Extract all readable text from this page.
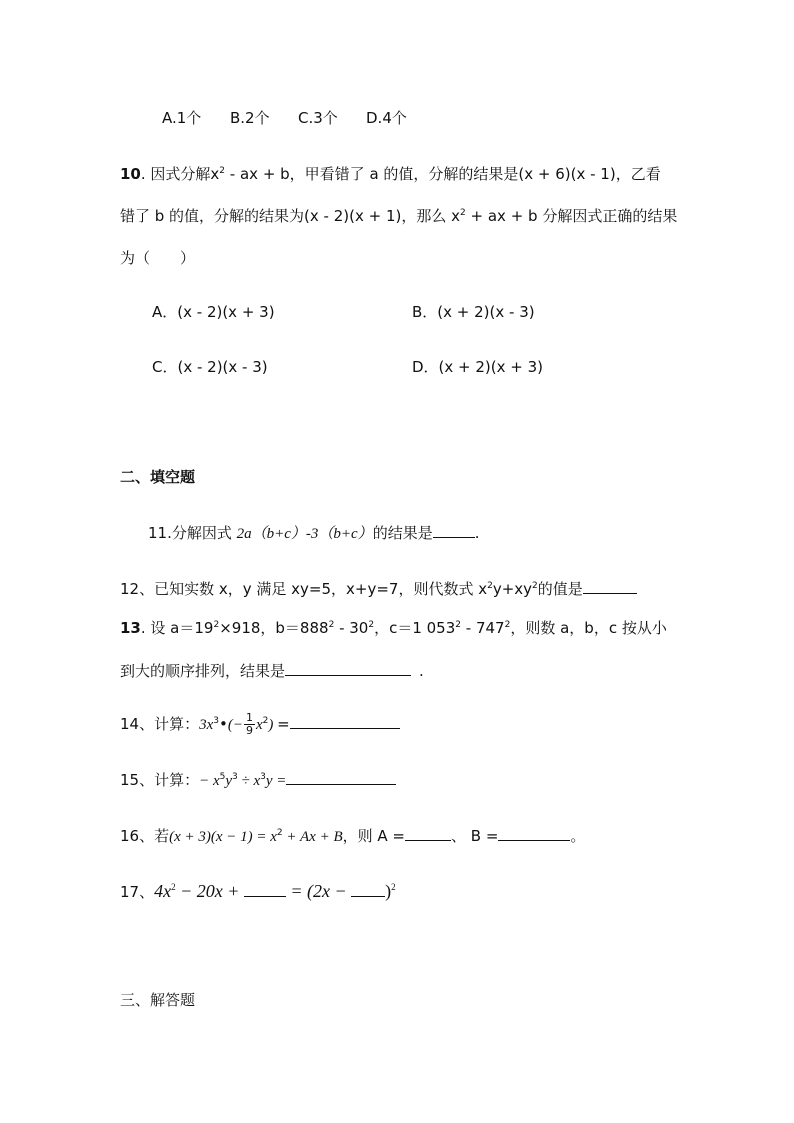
A.1个 B.2个 C.3个 D.4个
10. 因式分解$x^2$ - ax + b，甲看错了 a 的值，分解的结果是(x + 6)(x - 1)，乙看
错了 b 的值，分解的结果为(x - 2)(x + 1)，那么 $x^2$ + ax + b 分解因式正确的结果
为（　　）
A．(x - 2)(x + 3)	B．(x + 2)(x - 3)
C．(x - 2)(x - 3)	D．(x + 2)(x + 3)
二、填空题
11.分解因式 2a（b+c）-3（b+c）的结果是	.
12、已知实数 x，y 满足 xy=5，x+y=7，则代数式 $x^2y+xy^2$的值是
13. 设 $a=19^2\times 918$，$b=888^2 - 30^2$，c＝1 $053^2 - 747^2$，则数 a，b，c 按从小
到大的顺序排列，结果是	.
14、计算：$3x^3•(- \frac{1}{9} x^2)$ =
15、计算：− $x^5y^3 \div x^3y$ =
16、若$(x + 3)(x - 1) = x^2 + Ax + B$，则 A =	、 B =	。
17、$4x^2 - 20x$ +  = $(2x - )^2$
三、解答题
